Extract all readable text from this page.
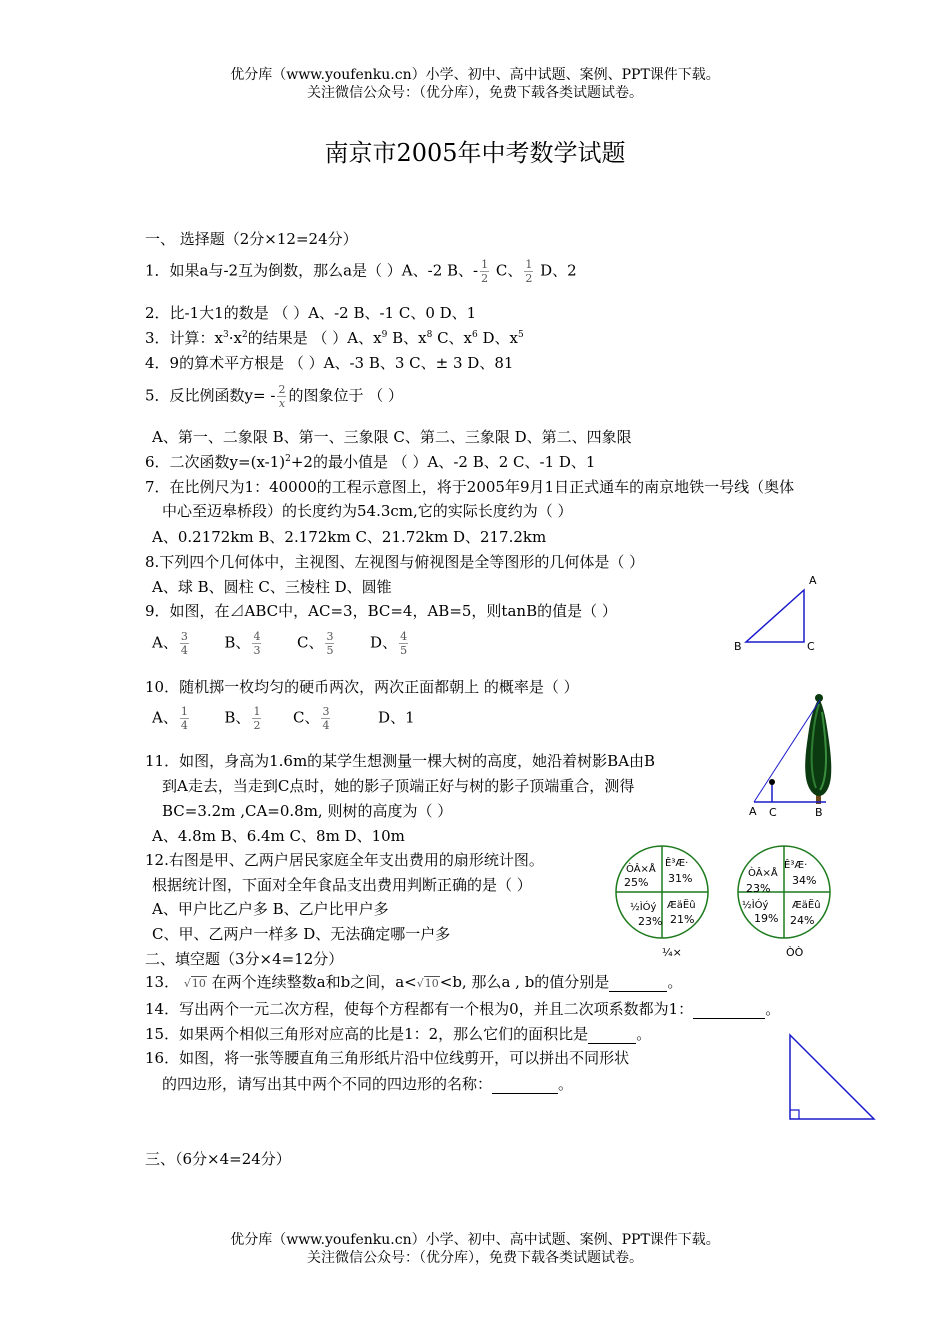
优分库（www.youfenku.cn）小学、初中、高中试题、案例、PPT课件下载。
关注微信公众号：（优分库），免费下载各类试题试卷。
南京市2005年中考数学试题
一、 选择题（2分×12=24分）
1．如果a与-2互为倒数，那么a是（ ）A、-2 B、- $\frac{1}{2}$ C、 $\frac{1}{2}$ D、2
2．比-1大1的数是 （ ）A、-2 B、-1 C、0 D、1
3．计算：$x^3\cdot x^2$的结果是 （ ）A、$x^9$ B、$x^8$ C、$x^6$ D、$x^5$
4．9的算术平方根是 （ ）A、-3 B、3 C、± 3 D、81
5．反比例函数$y= - \frac{2}{x}$ 的图象位于 （ ）
A、第一、二象限 B、第一、三象限 C、第二、三象限 D、第二、四象限
6．二次函数$y=(x-1)^2+2$的最小值是 （ ）A、-2 B、2 C、-1 D、1
7．在比例尺为1：40000的工程示意图上，将于2005年9月1日正式通车的南京地铁一号线（奥体
中心至迈皋桥段）的长度约为54.3cm,它的实际长度约为（ ）
A、0.2172km B、2.172km C、21.72km D、217.2km
8.下列四个几何体中，主视图、左视图与俯视图是全等图形的几何体是（ ）
A、球 B、圆柱 C、三棱柱 D、圆锥
9．如图，在⊿ABC中，AC=3，BC=4，AB=5，则tanB的值是（ ）
A、 $\frac{3}{4}$ B、 $\frac{4}{3}$ C、 $\frac{3}{5}$ D、 $\frac{4}{5}$
A
B	C
10．随机掷一枚均匀的硬币两次，两次正面都朝上 的概率是（ ）
A、 $\frac{1}{4}$ B、 $\frac{1}{2}$ C、 $\frac{3}{4}$	D、1
11．如图，身高为1.6m的某学生想测量一棵大树的高度，她沿着树影BA由B
到A走去，当走到C点时，她的影子顶端正好与树的影子顶端重合，测得
BC=3.2m ,CA=0.8m, 则树的高度为（ ）
A、4.8m B、6.4m C、8m D、10m
A C	B
12.右图是甲、乙两户居民家庭全年支出费用的扇形统计图。
根据统计图，下面对全年食品支出费用判断正确的是（ ）
A、甲户比乙户多 B、乙户比甲户多
C、甲、乙两户一样多 D、无法确定哪一户多
ÒÂ×Å
25%
Ê³Æ·
31%
½ÌÓý
23%
ÆäËû
21%
¼×
ÒÂ×Å
23%
Ê³Æ·
34%
½ÌÓý
19%
ÆäËû
24%
ÒÒ
二、填空题（3分×4=12分）
13． √ 10 在两个连续整数a和b之间，a<√ 10 <b, 那么a , b的值分别是	。
14．写出两个一元二次方程，使每个方程都有一个根为0，并且二次项系数都为1：	。
15．如果两个相似三角形对应高的比是1：2，那么它们的面积比是	。
16．如图，将一张等腰直角三角形纸片沿中位线剪开，可以拼出不同形状
的四边形，请写出其中两个不同的四边形的名称：	。
三、（6分×4=24分）
优分库（www.youfenku.cn）小学、初中、高中试题、案例、PPT课件下载。
关注微信公众号：（优分库），免费下载各类试题试卷。
